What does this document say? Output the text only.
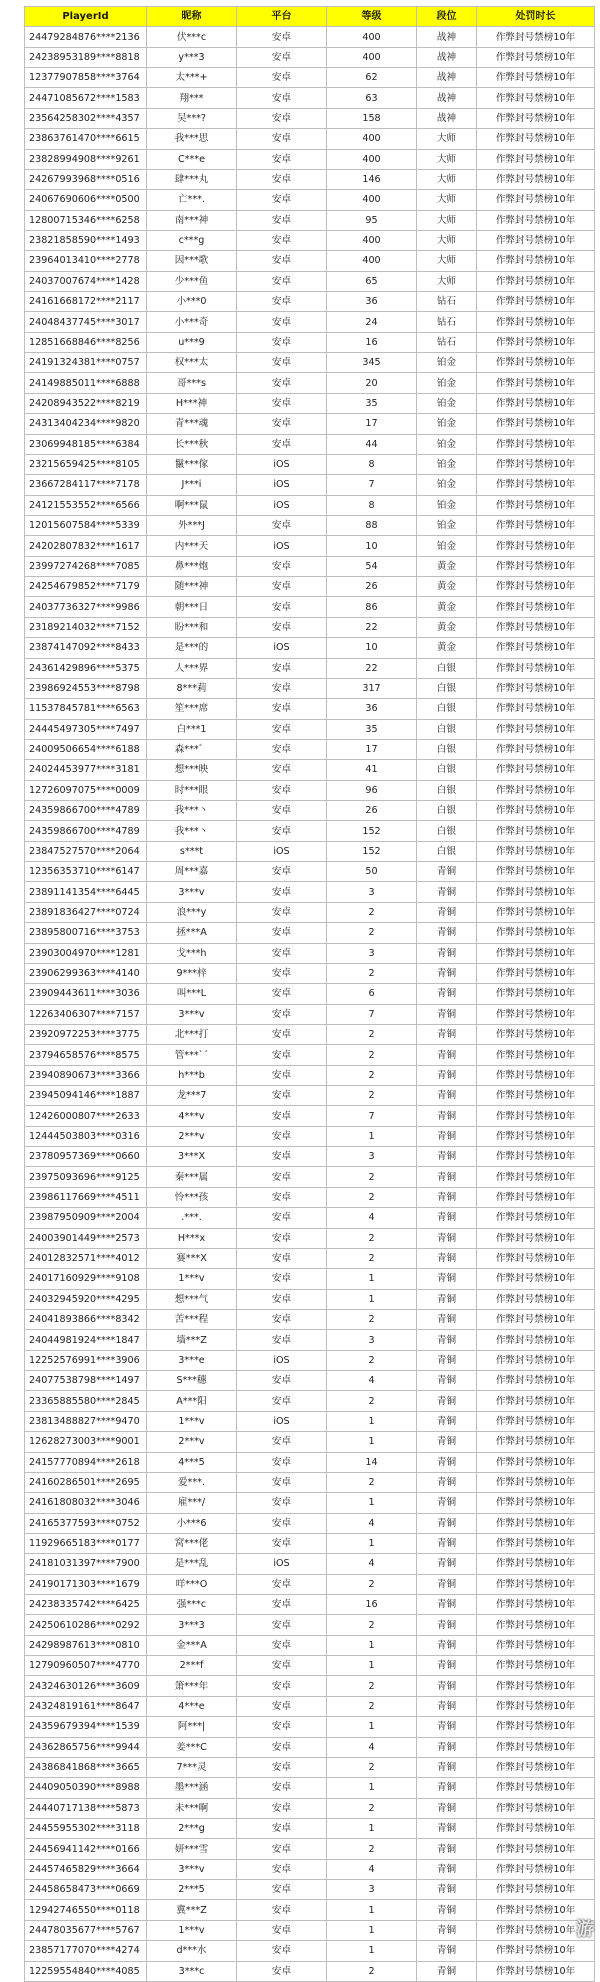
PlayerId	昵称	平台	等级	段位	处罚时长
24479284876****2136	伏***c	安卓	400	战神	作弊封号禁榜10年
24238953189****8818	y***3	安卓	400	战神	作弊封号禁榜10年
12377907858****3764	太***+	安卓	62	战神	作弊封号禁榜10年
24471085672****1583	翔***	安卓	63	战神	作弊封号禁榜10年
23564258302****4357	吴***?	安卓	158	战神	作弊封号禁榜10年
23863761470****6615	我***思	安卓	400	大师	作弊封号禁榜10年
23828994908****9261	C***e	安卓	400	大师	作弊封号禁榜10年
24267993968****0516	肆***丸	安卓	146	大师	作弊封号禁榜10年
24067690606****0500	亡***.	安卓	400	大师	作弊封号禁榜10年
12800715346****6258	南***神	安卓	95	大师	作弊封号禁榜10年
23821858590****1493	c***g	安卓	400	大师	作弊封号禁榜10年
23964013410****2778	因***歌	安卓	400	大师	作弊封号禁榜10年
24037007674****1428	少***鱼	安卓	65	大师	作弊封号禁榜10年
24161668172****2117	小***0	安卓	36	钻石	作弊封号禁榜10年
24048437745****3017	小***奇	安卓	24	钻石	作弊封号禁榜10年
12851668846****8256	u***9	安卓	16	钻石	作弊封号禁榜10年
24191324381****0757	权***太	安卓	345	铂金	作弊封号禁榜10年
24149885011****6888	哥***s	安卓	20	铂金	作弊封号禁榜10年
24208943522****8219	H***神	安卓	35	铂金	作弊封号禁榜10年
24313404234****9820	青***魂	安卓	17	铂金	作弊封号禁榜10年
23069948185****6384	长***秋	安卓	44	铂金	作弊封号禁榜10年
23215659425****8105	鬣***傢	iOS	8	铂金	作弊封号禁榜10年
23667284117****7178	J***i	iOS	7	铂金	作弊封号禁榜10年
24121553552****6566	啊***鼠	iOS	8	铂金	作弊封号禁榜10年
12015607584****5339	外***J	安卓	88	铂金	作弊封号禁榜10年
24202807832****1617	内***天	iOS	10	铂金	作弊封号禁榜10年
23997274268****7085	鼻***炮	安卓	54	黄金	作弊封号禁榜10年
24254679852****7179	随***神	安卓	26	黄金	作弊封号禁榜10年
24037736327****9986	朝***日	安卓	86	黄金	作弊封号禁榜10年
23189214032****7152	盼***和	安卓	22	黄金	作弊封号禁榜10年
23874147092****8433	是***的	iOS	10	黄金	作弊封号禁榜10年
24361429896****5375	人***界	安卓	22	白银	作弊封号禁榜10年
23986924553****8798	8***莉	安卓	317	白银	作弊封号禁榜10年
11537845781****6563	笙***席	安卓	36	白银	作弊封号禁榜10年
24445497305****7497	白***1	安卓	35	白银	作弊封号禁榜10年
24009506654****6188	森***゛	安卓	17	白银	作弊封号禁榜10年
24024453977****3181	想***映	安卓	41	白银	作弊封号禁榜10年
12726097075****0009	时***眼	安卓	96	白银	作弊封号禁榜10年
24359866700****4789	我***丶	安卓	26	白银	作弊封号禁榜10年
24359866700****4789	我***丶	安卓	152	白银	作弊封号禁榜10年
23847527570****2064	s***t	iOS	152	白银	作弊封号禁榜10年
12356353710****6147	周***嘉	安卓	50	青铜	作弊封号禁榜10年
23891141354****6445	3***v	安卓	3	青铜	作弊封号禁榜10年
23891836427****0724	浪***y	安卓	2	青铜	作弊封号禁榜10年
23895800716****3753	拯***A	安卓	2	青铜	作弊封号禁榜10年
23903004970****1281	戈***h	安卓	3	青铜	作弊封号禁榜10年
23906299363****4140	9***梓	安卓	2	青铜	作弊封号禁榜10年
23909443611****3036	叫***L	安卓	6	青铜	作弊封号禁榜10年
12263406307****7157	3***v	安卓	7	青铜	作弊封号禁榜10年
23920972253****3775	北***打	安卓	2	青铜	作弊封号禁榜10年
23794658576****8575	管***`ˊ	安卓	2	青铜	作弊封号禁榜10年
23940890673****3366	h***b	安卓	2	青铜	作弊封号禁榜10年
23945094146****1887	龙***7	安卓	2	青铜	作弊封号禁榜10年
12426000807****2633	4***v	安卓	7	青铜	作弊封号禁榜10年
12444503803****0316	2***v	安卓	1	青铜	作弊封号禁榜10年
23780957369****0660	3***X	安卓	3	青铜	作弊封号禁榜10年
23975093696****9125	秦***属	安卓	2	青铜	作弊封号禁榜10年
23986117669****4511	怜***孩	安卓	2	青铜	作弊封号禁榜10年
23987950909****2004	.***.	安卓	4	青铜	作弊封号禁榜10年
24003901449****2573	H***x	安卓	2	青铜	作弊封号禁榜10年
24012832571****4012	赛***X	安卓	2	青铜	作弊封号禁榜10年
24017160929****9108	1***v	安卓	1	青铜	作弊封号禁榜10年
24032945920****4295	想***气	安卓	1	青铜	作弊封号禁榜10年
24041893866****8342	苦***程	安卓	2	青铜	作弊封号禁榜10年
24044981924****1847	墙***Z	安卓	3	青铜	作弊封号禁榜10年
12252576991****3906	3***e	iOS	2	青铜	作弊封号禁榜10年
24077538798****1497	S***穗	安卓	4	青铜	作弊封号禁榜10年
23365885580****2845	A***阳	安卓	2	青铜	作弊封号禁榜10年
23813488827****9470	1***v	iOS	1	青铜	作弊封号禁榜10年
12628273003****9001	2***v	安卓	1	青铜	作弊封号禁榜10年
24157770894****2618	4***5	安卓	14	青铜	作弊封号禁榜10年
24160286501****2695	爱***.	安卓	2	青铜	作弊封号禁榜10年
24161808032****3046	雇***/	安卓	1	青铜	作弊封号禁榜10年
24165377593****0752	小***6	安卓	4	青铜	作弊封号禁榜10年
11929665183****0177	窝***佬	安卓	1	青铜	作弊封号禁榜10年
24181031397****7900	是***乱	iOS	4	青铜	作弊封号禁榜10年
24190171303****1679	咩***O	安卓	2	青铜	作弊封号禁榜10年
24238335742****6425	强***c	安卓	16	青铜	作弊封号禁榜10年
24250610286****0292	3***3	安卓	2	青铜	作弊封号禁榜10年
24298987613****0810	金***A	安卓	1	青铜	作弊封号禁榜10年
12790960507****4770	2***f	安卓	1	青铜	作弊封号禁榜10年
24324630126****3609	箫***年	安卓	2	青铜	作弊封号禁榜10年
24324819161****8647	4***e	安卓	2	青铜	作弊封号禁榜10年
24359679394****1539	阿***|	安卓	1	青铜	作弊封号禁榜10年
24362865756****9944	姜***C	安卓	4	青铜	作弊封号禁榜10年
24386841868****3665	7***灵	安卓	2	青铜	作弊封号禁榜10年
24409050390****8988	墨***涵	安卓	1	青铜	作弊封号禁榜10年
24440717138****5873	未***啊	安卓	2	青铜	作弊封号禁榜10年
24455955302****3118	2***g	安卓	1	青铜	作弊封号禁榜10年
24456941142****0166	妍***雪	安卓	2	青铜	作弊封号禁榜10年
24457465829****3664	3***v	安卓	4	青铜	作弊封号禁榜10年
24458658473****0669	2***5	安卓	3	青铜	作弊封号禁榜10年
12942746550****0118	冀***Z	安卓	1	青铜	作弊封号禁榜10年
24478035677****5767	1***v	安卓	1	青铜	作弊封号禁榜10年
23857177070****4274	d***水	安卓	1	青铜	作弊封号禁榜10年
12259554840****4085	3***c	安卓	2	青铜	作弊封号禁榜10年
游
